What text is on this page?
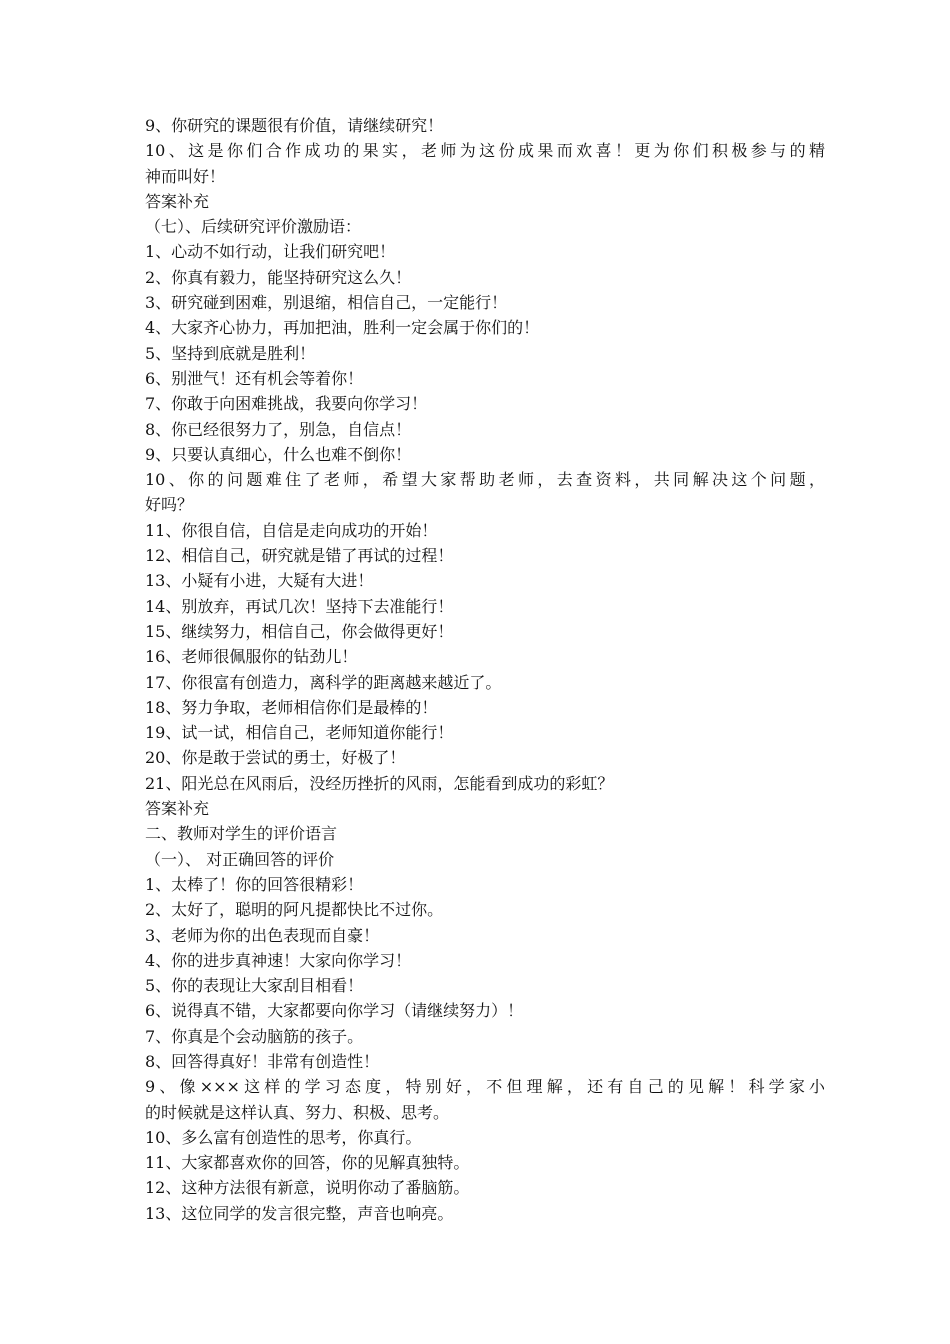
9、你研究的课题很有价值，请继续研究！
10、这是你们合作成功的果实，老师为这份成果而欢喜！更为你们积极参与的精
神而叫好！
答案补充
（七）、后续研究评价激励语：
1、心动不如行动，让我们研究吧！
2、你真有毅力，能坚持研究这么久！
3、研究碰到困难，别退缩，相信自己，一定能行！
4、大家齐心协力，再加把油，胜利一定会属于你们的！
5、坚持到底就是胜利！
6、别泄气！还有机会等着你！
7、你敢于向困难挑战，我要向你学习！
8、你已经很努力了，别急，自信点！
9、只要认真细心，什么也难不倒你！
10、你的问题难住了老师，希望大家帮助老师，去查资料，共同解决这个问题，
好吗？
11、你很自信，自信是走向成功的开始！
12、相信自己，研究就是错了再试的过程！
13、小疑有小进，大疑有大进！
14、别放弃，再试几次！坚持下去准能行！
15、继续努力，相信自己，你会做得更好！
16、老师很佩服你的钻劲儿！
17、你很富有创造力，离科学的距离越来越近了。
18、努力争取，老师相信你们是最棒的！
19、试一试，相信自己，老师知道你能行！
20、你是敢于尝试的勇士，好极了！
21、阳光总在风雨后，没经历挫折的风雨，怎能看到成功的彩虹？
答案补充
二、教师对学生的评价语言
（一）、 对正确回答的评价
1、太棒了！你的回答很精彩！
2、太好了，聪明的阿凡提都快比不过你。
3、老师为你的出色表现而自豪！
4、你的进步真神速！大家向你学习！
5、你的表现让大家刮目相看！
6、说得真不错，大家都要向你学习（请继续努力）！
7、你真是个会动脑筋的孩子。
8、回答得真好！非常有创造性！
9、像×××这样的学习态度，特别好，不但理解，还有自己的见解！科学家小
的时候就是这样认真、努力、积极、思考。
10、多么富有创造性的思考，你真行。
11、大家都喜欢你的回答，你的见解真独特。
12、这种方法很有新意，说明你动了番脑筋。
13、这位同学的发言很完整，声音也响亮。
